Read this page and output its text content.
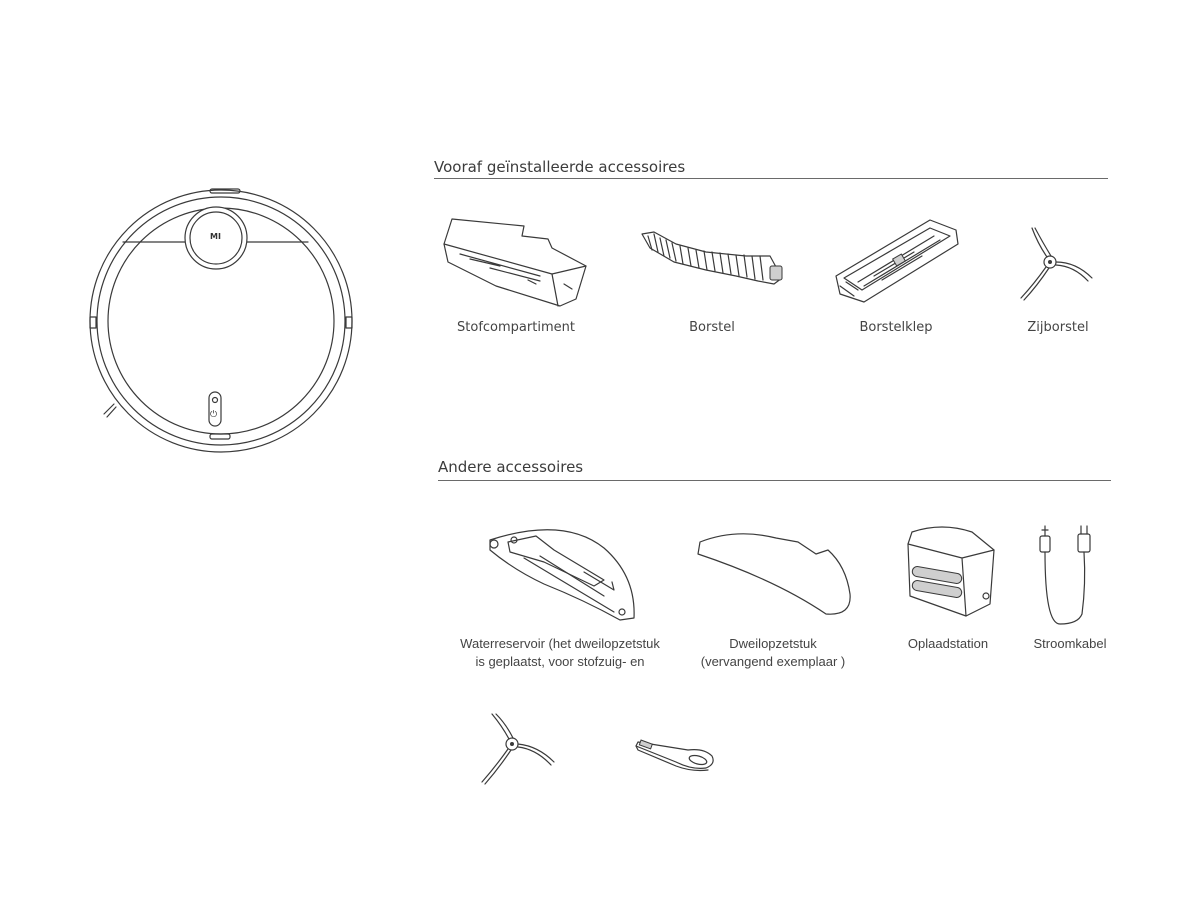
MI
⏻
Vooraf geïnstalleerde accessoires
Stofcompartiment	Borstel	Borstelklep	Zijborstel
Andere accessoires
Waterreservoir (het dweilopzetstuk
is geplaatst, voor stofzuig- en
Dweilopzetstuk
(vervangend exemplaar )
Oplaadstation	Stroomkabel
